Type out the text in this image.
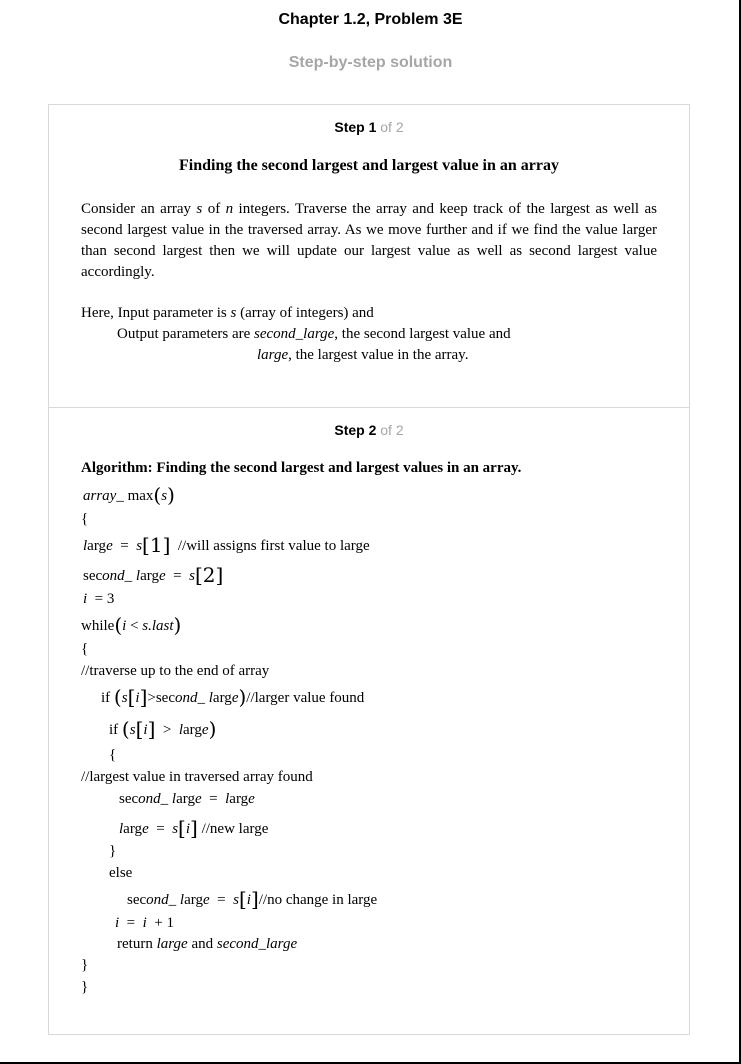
Chapter 1.2, Problem 3E
Step-by-step solution
Step 1 of 2
Finding the second largest and largest value in an array
Consider an array s of n integers. Traverse the array and keep track of the largest as well as second largest value in the traversed array. As we move further and if we find the value larger than second largest then we will update our largest value as well as second largest value accordingly.
Here, Input parameter is s (array of integers) and
Output parameters are second_large, the second largest value and
large, the largest value in the array.
Step 2 of 2
Algorithm: Finding the second largest and largest values in an array.
array_ max(s)
{
large = s[1] //will assigns first value to large
second_ large = s[2]
i = 3
while(i < s.last)
{
//traverse up to the end of array
if (s[i]>second_ large)//larger value found
if (s[i] > large)
{
//largest value in traversed array found
second_ large = large
large = s[i] //new large
}
else
second_ large = s[i]//no change in large
i = i + 1
return large and second_large
}
}
